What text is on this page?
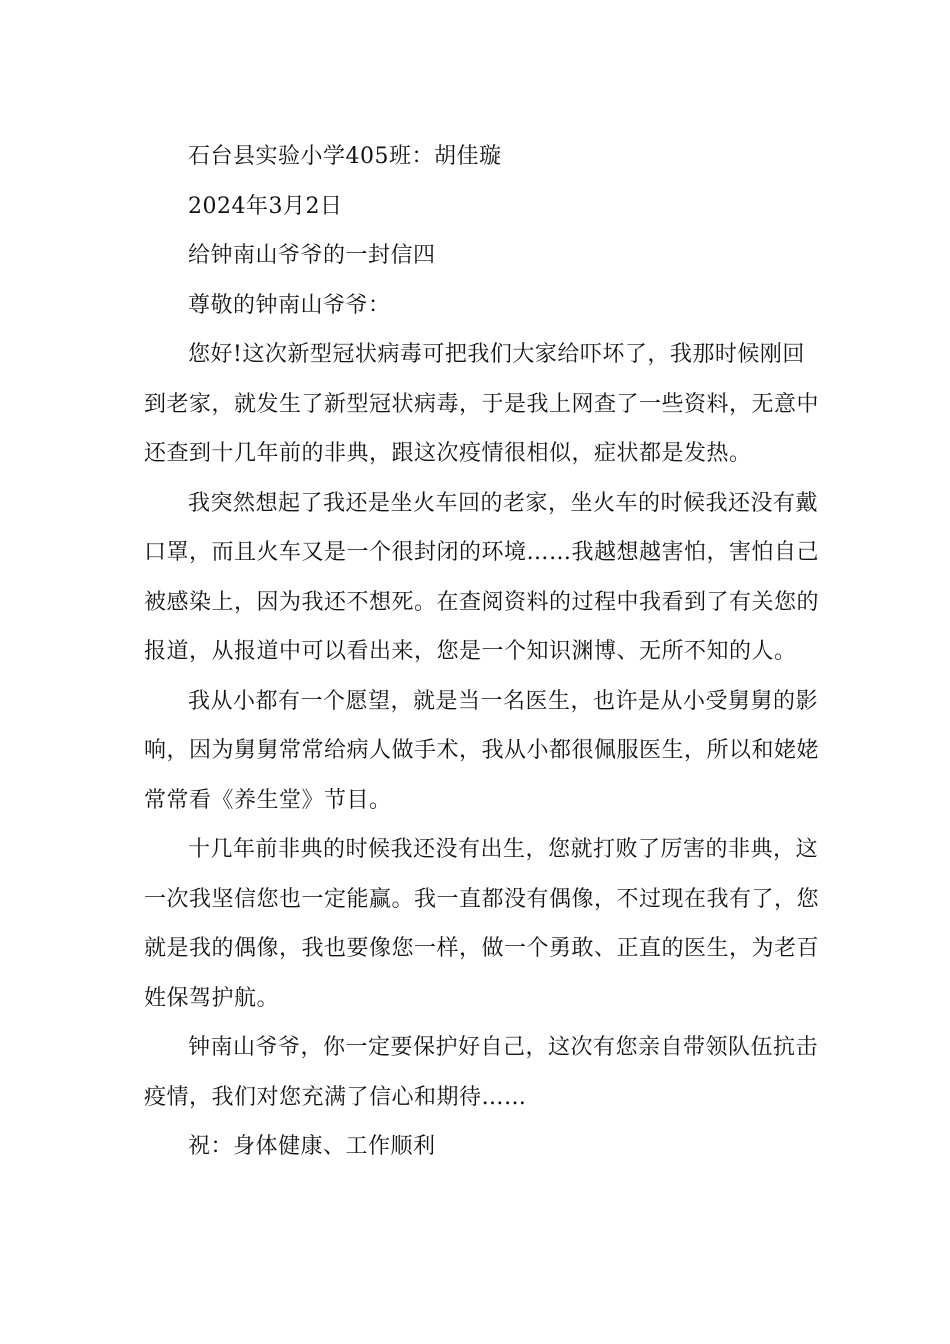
石台县实验小学405班：胡佳璇

2024年3月2日

给钟南山爷爷的一封信四

尊敬的钟南山爷爷：

您好!这次新型冠状病毒可把我们大家给吓坏了，我那时候刚回到老家，就发生了新型冠状病毒，于是我上网查了一些资料，无意中还查到十几年前的非典，跟这次疫情很相似，症状都是发热。

我突然想起了我还是坐火车回的老家，坐火车的时候我还没有戴口罩，而且火车又是一个很封闭的环境……我越想越害怕，害怕自己被感染上，因为我还不想死。在查阅资料的过程中我看到了有关您的报道，从报道中可以看出来，您是一个知识渊博、无所不知的人。

我从小都有一个愿望，就是当一名医生，也许是从小受舅舅的影响，因为舅舅常常给病人做手术，我从小都很佩服医生，所以和姥姥常常看《养生堂》节目。

十几年前非典的时候我还没有出生，您就打败了厉害的非典，这一次我坚信您也一定能赢。我一直都没有偶像，不过现在我有了，您就是我的偶像，我也要像您一样，做一个勇敢、正直的医生，为老百姓保驾护航。

钟南山爷爷，你一定要保护好自己，这次有您亲自带领队伍抗击疫情，我们对您充满了信心和期待……

祝：身体健康、工作顺利
